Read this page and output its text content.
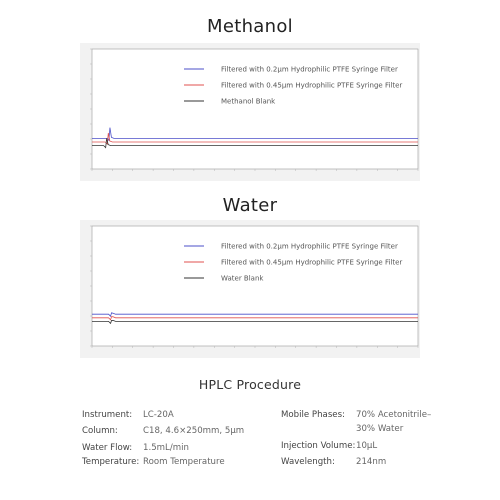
Methanol
Filtered with 0.2μm Hydrophilic PTFE Syringe Filter
Filtered with 0.45μm Hydrophilic PTFE Syringe Filter
Methanol Blank
Water
Filtered with 0.2μm Hydrophilic PTFE Syringe Filter
Filtered with 0.45μm Hydrophilic PTFE Syringe Filter
Water Blank
HPLC Procedure
Instrument: LC-20A
Column:	C18, 4.6×250mm, 5μm
Water Flow: 1.5mL/min
Temperature: Room Temperature
Mobile Phases: 70% Acetonitrile–
30% Water
Injection Volume: 10μL
Wavelength: 214nm
